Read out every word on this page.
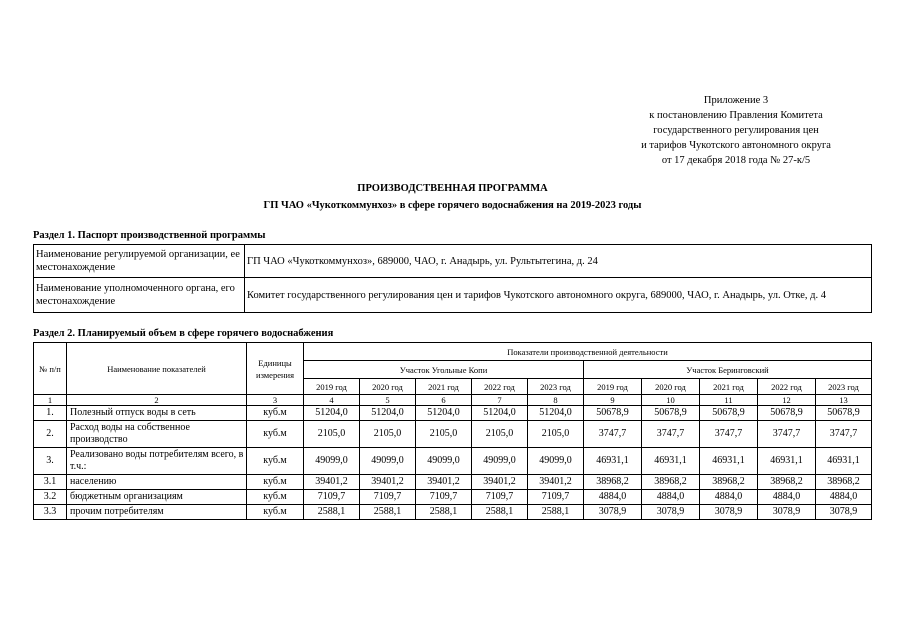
Приложение 3
к постановлению Правления Комитета
государственного регулирования цен
и тарифов Чукотского автономного округа
от 17 декабря 2018 года № 27-к/5
ПРОИЗВОДСТВЕННАЯ ПРОГРАММА
ГП ЧАО «Чукоткоммунхоз» в сфере горячего водоснабжения на 2019-2023 годы
Раздел 1. Паспорт производственной программы
Наименование регулируемой организации, ее местонахождение	ГП ЧАО «Чукоткоммунхоз», 689000, ЧАО, г. Анадырь, ул. Рультытегина, д. 24
Наименование уполномоченного органа, его местонахождение	Комитет государственного регулирования цен и тарифов Чукотского автономного округа, 689000, ЧАО, г. Анадырь, ул. Отке, д. 4
Раздел 2. Планируемый объем в сфере горячего водоснабжения
№ п/п	Наименование показателей	Единицы измерения	Показатели производственной деятельности									
			Участок Угольные Копи					Участок Беринговский				
			2019 год	2020 год	2021 год	2022 год	2023 год	2019 год	2020 год	2021 год	2022 год	2023 год
1	2	3	4	5	6	7	8	9	10	11	12	13
1.	Полезный отпуск воды в сеть	куб.м	51204,0	51204,0	51204,0	51204,0	51204,0	50678,9	50678,9	50678,9	50678,9	50678,9
2.	Расход воды на собственное производство	куб.м	2105,0	2105,0	2105,0	2105,0	2105,0	3747,7	3747,7	3747,7	3747,7	3747,7
3.	Реализовано воды потребителям всего, в т.ч.:	куб.м	49099,0	49099,0	49099,0	49099,0	49099,0	46931,1	46931,1	46931,1	46931,1	46931,1
3.1	населению	куб.м	39401,2	39401,2	39401,2	39401,2	39401,2	38968,2	38968,2	38968,2	38968,2	38968,2
3.2	бюджетным организациям	куб.м	7109,7	7109,7	7109,7	7109,7	7109,7	4884,0	4884,0	4884,0	4884,0	4884,0
3.3	прочим потребителям	куб.м	2588,1	2588,1	2588,1	2588,1	2588,1	3078,9	3078,9	3078,9	3078,9	3078,9
